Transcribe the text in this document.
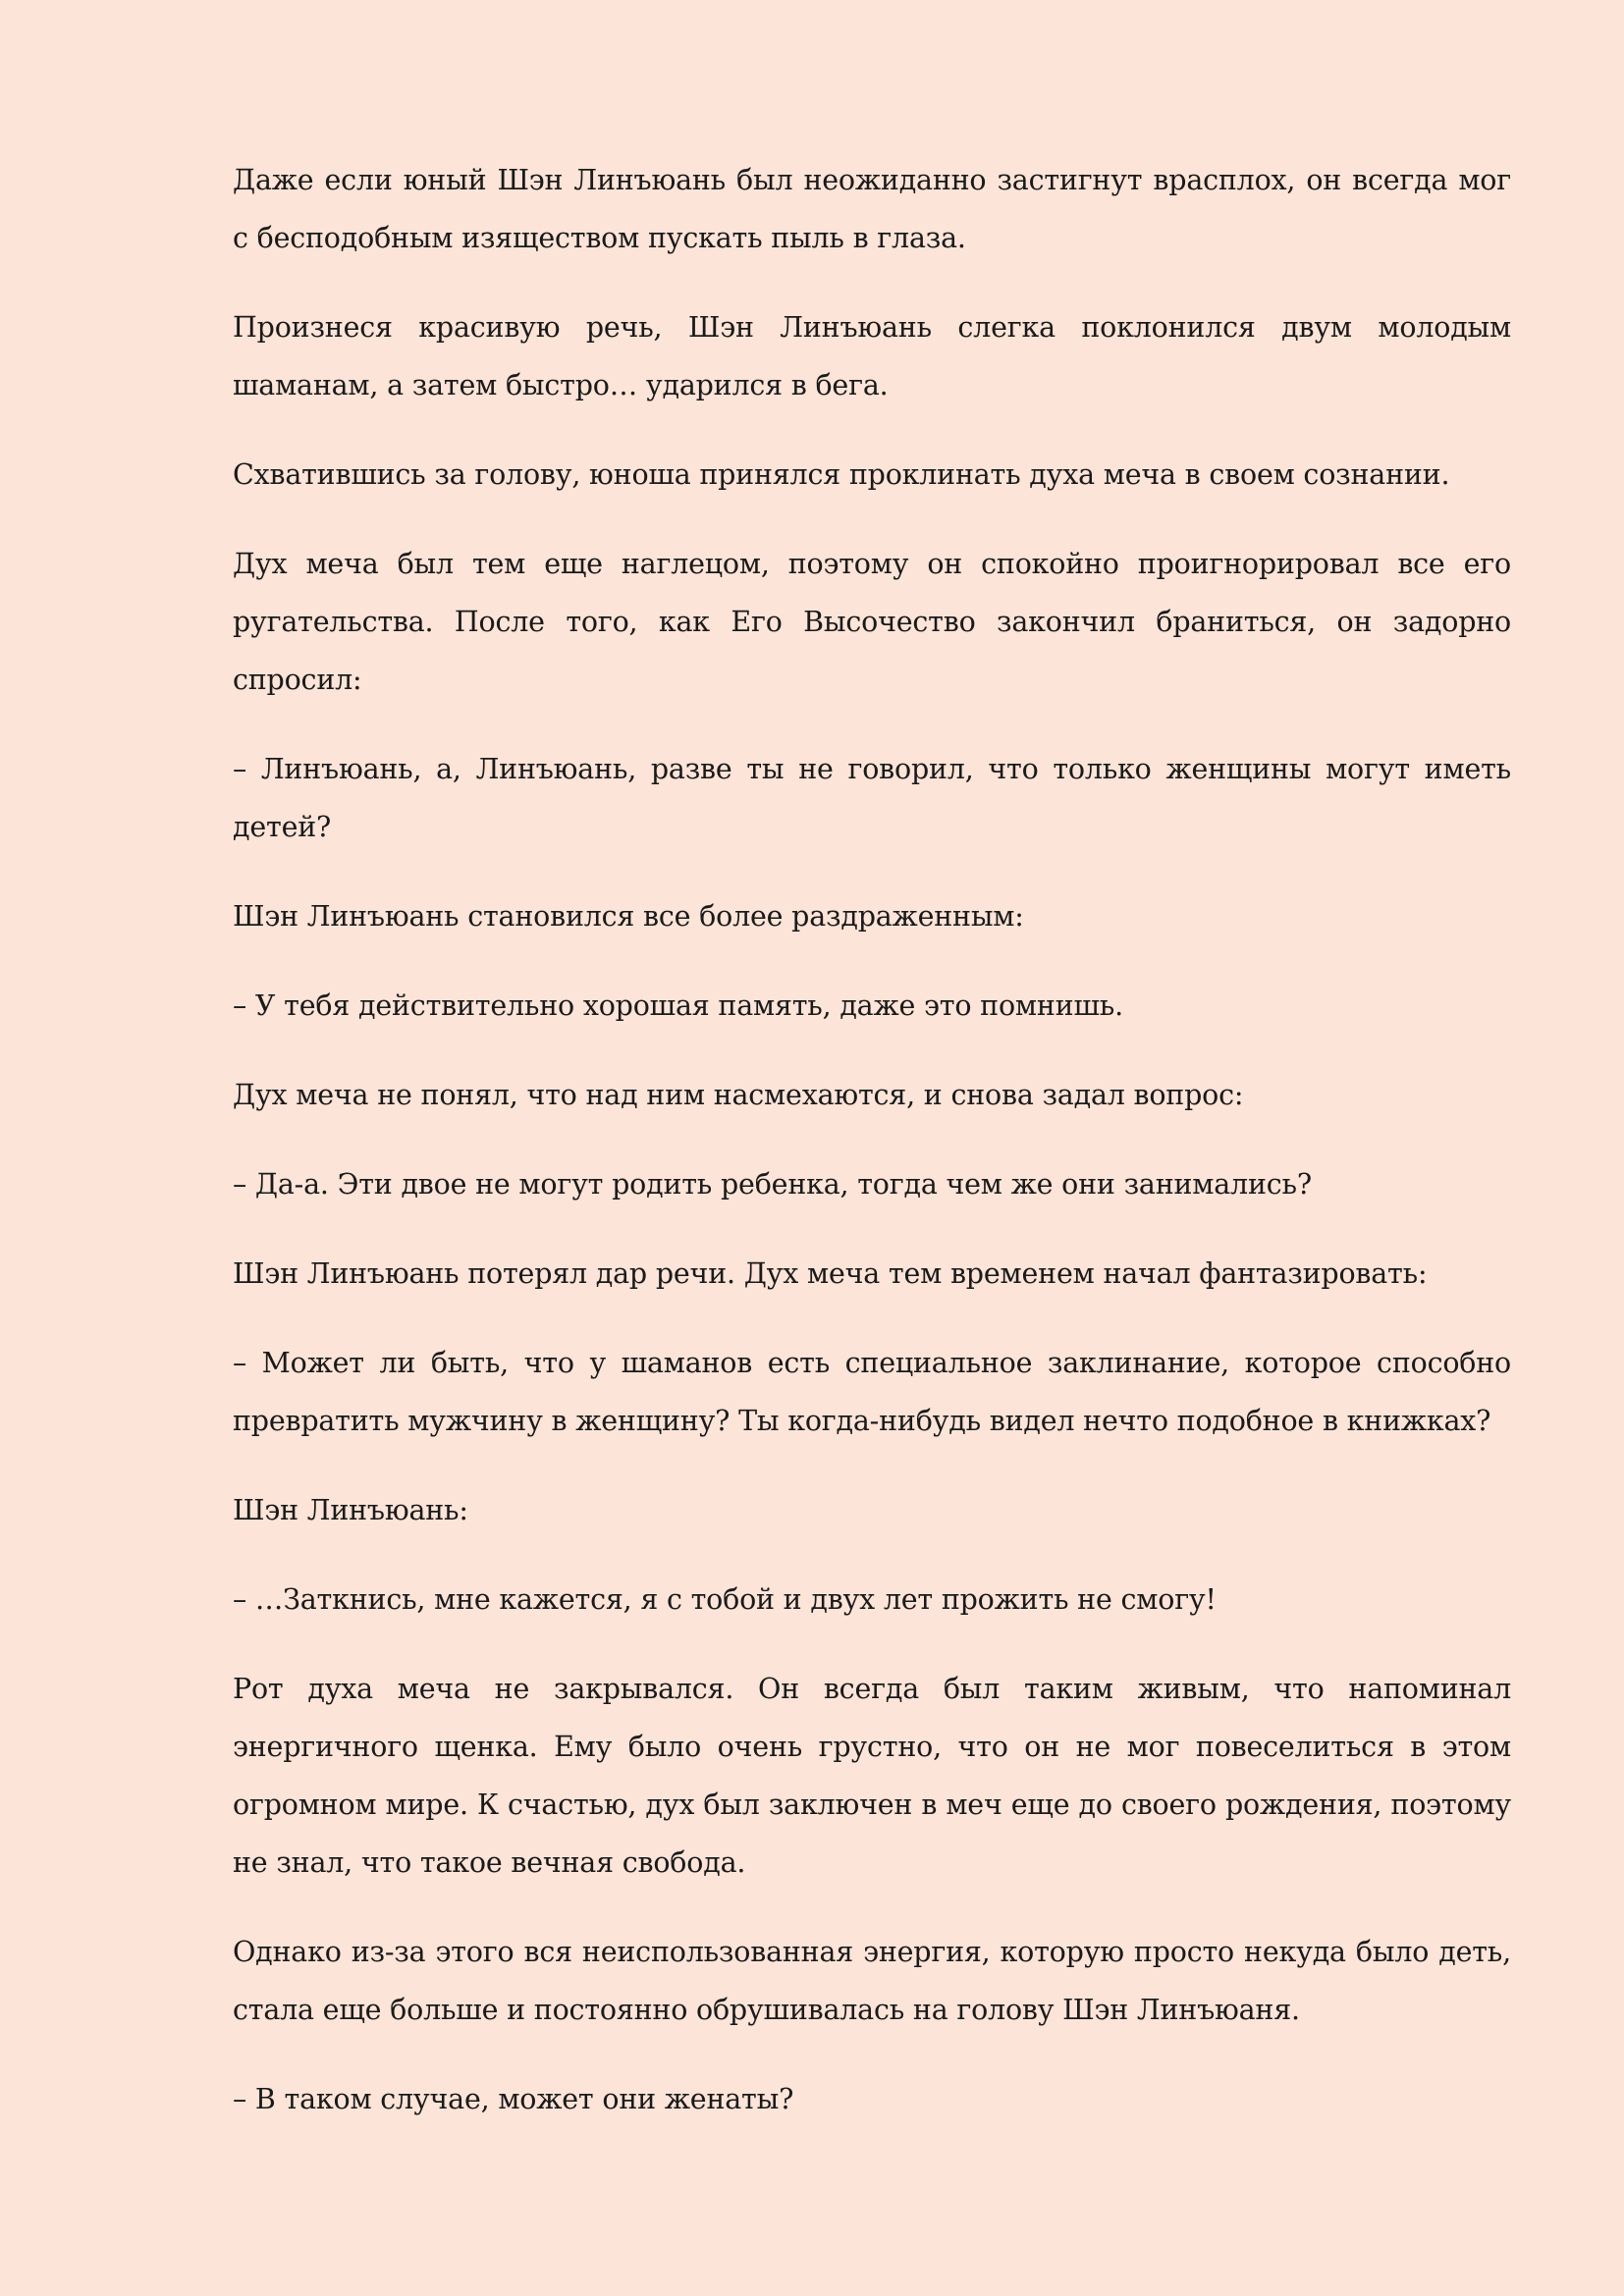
Даже если юный Шэн Линъюань был неожиданно застигнут врасплох, он всегда мог с бесподобным изяществом пускать пыль в глаза.

Произнеся красивую речь, Шэн Линъюань слегка поклонился двум молодым шаманам, а затем быстро… ударился в бега.

Схватившись за голову, юноша принялся проклинать духа меча в своем сознании.

Дух меча был тем еще наглецом, поэтому он спокойно проигнорировал все его ругательства. После того, как Его Высочество закончил браниться, он задорно спросил:

– Линъюань, а, Линъюань, разве ты не говорил, что только женщины могут иметь детей?

Шэн Линъюань становился все более раздраженным:

– У тебя действительно хорошая память, даже это помнишь.

Дух меча не понял, что над ним насмехаются, и снова задал вопрос:

– Да-а. Эти двое не могут родить ребенка, тогда чем же они занимались?

Шэн Линъюань потерял дар речи. Дух меча тем временем начал фантазировать:

– Может ли быть, что у шаманов есть специальное заклинание, которое способно превратить мужчину в женщину? Ты когда-нибудь видел нечто подобное в книжках?

Шэн Линъюань:

– …Заткнись, мне кажется, я с тобой и двух лет прожить не смогу!

Рот духа меча не закрывался. Он всегда был таким живым, что напоминал энергичного щенка. Ему было очень грустно, что он не мог повеселиться в этом огромном мире. К счастью, дух был заключен в меч еще до своего рождения, поэтому не знал, что такое вечная свобода.

Однако из-за этого вся неиспользованная энергия, которую просто некуда было деть, стала еще больше и постоянно обрушивалась на голову Шэн Линъюаня.

– В таком случае, может они женаты?
